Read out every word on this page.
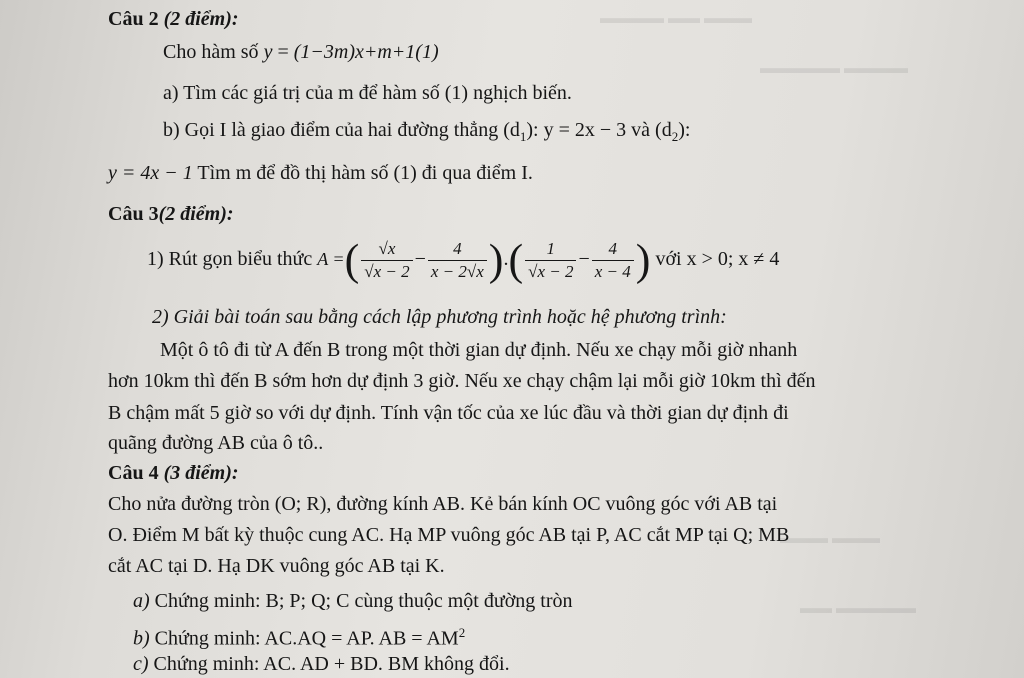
▬▬▬ ▬▬ ▬▬▬▬
▬▬▬▬ ▬▬▬▬▬
▬▬▬ ▬▬▬
▬▬▬▬▬ ▬▬
Câu 2 (2 điểm):
Cho hàm số y = (1−3m)x+m+1(1)
a) Tìm các giá trị của m để hàm số (1) nghịch biến.
b) Gọi I là giao điểm của hai đường thẳng $(d_1)$: y = 2x − 3 và $(d_2)$:
y = 4x − 1 Tìm m để đồ thị hàm số (1) đi qua điểm I.
Câu 3(2 điểm):
1) Rút gọn biểu thức A =( $\frac{√x}{√x - 2} - \frac{4}{x - 2√x}$ ).( $\frac{1}{√x - 2} - \frac{4}{x - 4}$ ) với x > 0; x ≠ 4
2) Giải bài toán sau bằng cách lập phương trình hoặc hệ phương trình:
Một ô tô đi từ A đến B trong một thời gian dự định. Nếu xe chạy mỗi giờ nhanh
hơn 10km thì đến B sớm hơn dự định 3 giờ. Nếu xe chạy chậm lại mỗi giờ 10km thì đến
B chậm mất 5 giờ so với dự định. Tính vận tốc của xe lúc đầu và thời gian dự định đi
quãng đường AB của ô tô..
Câu 4 (3 điểm):
Cho nửa đường tròn (O; R), đường kính AB. Kẻ bán kính OC vuông góc với AB tại
O. Điểm M bất kỳ thuộc cung AC. Hạ MP vuông góc AB tại P, AC cắt MP tại Q; MB
cắt AC tại D. Hạ DK vuông góc AB tại K.
a) Chứng minh: B; P; Q; C cùng thuộc một đường tròn
b) Chứng minh: AC.AQ = AP. AB = $AM^2$
c) Chứng minh: AC. AD + BD. BM không đổi.
